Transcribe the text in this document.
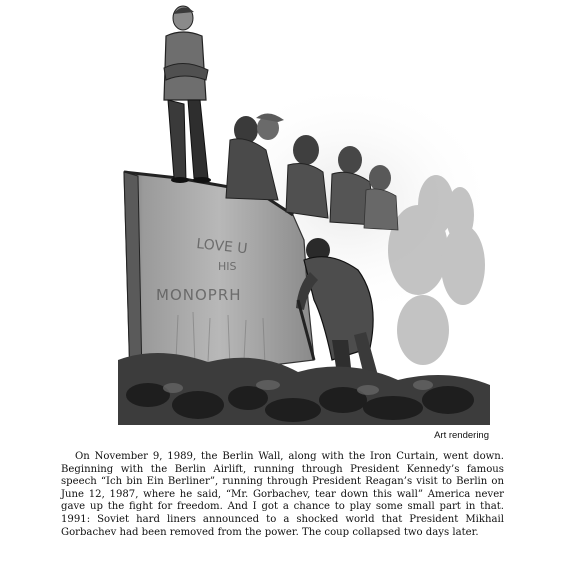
LOVE U
HIS
MONOPRH
Art rendering

On November 9, 1989, the Berlin Wall, along with the Iron Curtain, went down. Beginning with the Berlin Airlift, running through President Kennedy’s famous speech “Ich bin Ein Berliner”, running through President Reagan’s visit to Berlin on June 12, 1987, where he said, “Mr. Gorbachev, tear down this wall” America never gave up the fight for freedom. And I got a chance to play some small part in that. 1991: Soviet hard liners announced to a shocked world that President Mikhail Gorbachev had been removed from the power. The coup collapsed two days later.
